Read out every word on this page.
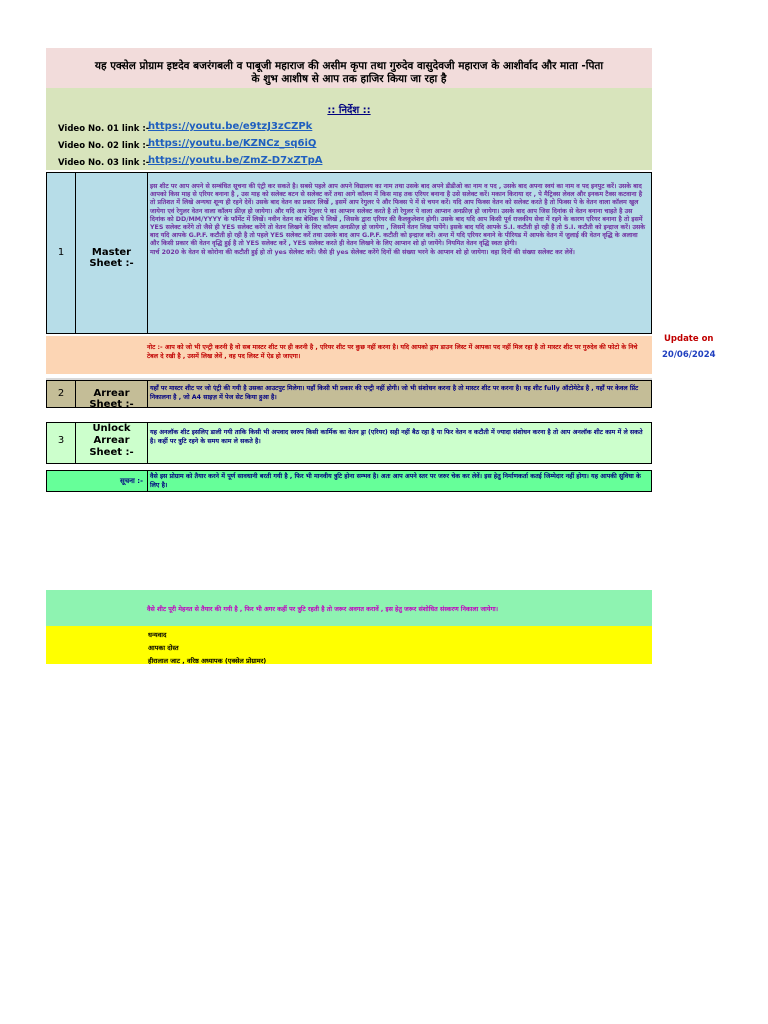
यह एक्सेल प्रोग्राम इष्टदेव बजरंगबली व पाबूजी महाराज की असीम कृपा तथा गुरुदेव वासुदेवजी महाराज के आशीर्वाद और माता -पिता
के शुभ आशीष से आप तक हाजिर किया जा रहा है
:: निर्देश ::
Video No. 01 link :-
https://youtu.be/e9tzJ3zCZPk
Video No. 02 link :-
https://youtu.be/KZNCz_sq6iQ
Video No. 03 link :-
https://youtu.be/ZmZ-D7xZTpA
1	Master Sheet :-
इस शीट पर आप अपने से सम्बंधित सूचना की एंट्री कर सकते है। सबसे पहले आप अपने विद्यालय का नाम तथा उसके बाद अपने डीडीओ का नाम व पद , उसके बाद अपना स्वयं का नाम व पद इनपुट करें। उसके बाद आपको किस माह से एरियर बनाना है , उस माह को सलेक्ट बटन से सलेक्ट करें तथा आगे कॉलम में किस माह तक एरियर बनाना है उसे सलेक्ट करें। मकान किराया दर , पे मैट्रिक्स लेवल और इनकम टैक्स कटवाना है तो प्रतिशत में लिखे अन्यथा शून्य ही रहने देवें। उसके बाद वेतन का प्रकार लिखें , इसमें आप रेगुलर पे और फिक्स पे में से चयन करें। यदि आप फिक्स वेतन को सलेक्ट करते है तो फिक्स पे के वेतन वाला कॉलम खुल जायेगा एवं रेगुलर वेतन वाला कॉलम फ्रीज़ हो जायेगा। और यदि आप रेगुलर पे का आप्शन सलेक्ट करते है तो रेगुलर पे वाला आप्शन अनफ्रीज़ हो जायेगा। उसके बाद आप जिस दिनांक से वेतन बनाना चाहते है उस दिनांक को DD/MM/YYYY के फॉर्मेट में लिखें। नवीन वेतन का बेसिक पे लिखें , जिसके द्वारा एरियर की कैलकुलेशन होगी। उसके बाद यदि आप किसी पूर्व राजकीय सेवा में रहने के कारण एरियर बनाना है तो इसमें YES सलेक्ट करेंगे तो जैसे ही YES सलेक्ट करेंगे तो वेतन लिखने के लिए कॉलम अनफ्रीज़ हो जायेगा , जिसमें वेतन लिख पायेंगे। इसके बाद यदि आपके S.I. कटौती हो रही है तो S.I. कटौती को इन्द्राज करें। उसके बाद यदि आपके G.P.F. कटौती हो रही है तो पहले YES सलेक्ट करें तथा उसके बाद आप G.P.F. कटौती को इन्द्राज करें। अन्त में यदि एरियर बनाने के पीरियड में आपके वेतन में जुलाई की वेतन वृद्धि के अलावा और किसी प्रकार की वेतन वृद्धि हुई है तो YES सलेक्ट करें , YES सलेक्ट करते ही वेतन लिखने के लिए आप्शन शो हो जायेंगे। नियमित वेतन वृद्धि स्वतः होगी।
मार्च 2020 के वेतन से कोरोना की कटौती हुई हो तो yes सेलेक्ट करें। जैसे ही yes सेलेक्ट करेंगे दिनों की संख्या भरने के आप्शन शो हो जायेगा। वहा दिनों की संख्या सलेक्ट कर लेवें।
नोट :- आप को जो भी एन्ट्री करनी है वो सब मास्टर शीट पर ही करनी है , एरियर शीट पर कुछ नहीं करना है। यदि आपको ड्राप डाउन लिस्ट में आपका पद नहीं मिल रहा है तो मास्टर शीट पर गुरुदेव की फोटो के निचे टेबल दे रखी है , उसमें लिख लेवें , वह पद लिस्ट में ऐड हो जाएगा।
Update on
20/06/2024
2	Arrear Sheet :-
यहाँ पर मास्टर शीट पर जो एंट्री की गयी है उसका आउटपुट मिलेगा। यहाँ किसी भी प्रकार की एन्ट्री नहीं होगी। जो भी संशोधन करना है तो मास्टर शीट पर करना है। यह शीट fully ऑटोमेटेड है , यहाँ पर केवल प्रिंट निकालना है , जो A4 साइज़ में पेज सेट किया हुआ है।
3
Unlock Arrear Sheet :-
यह अनलॉक शीट इसलिए डाली गयी ताकि किसी भी अपवाद स्वरुप किसी कार्मिक का वेतन ड्रा (एरियर) सही नहीं बैठ रहा है या फिर वेतन व कटौती में ज्यादा संशोधन करना है तो आप अनलॉक शीट काम में ले सकते है। कहीं पर त्रुटि रहने के समय काम ले सकते है।
सूचना :-
वैसे इस प्रोग्राम को तैयार करने में पूर्ण सावधानी बरती गयी है , फिर भी मानवीय त्रुटि होना सम्भव है। अतः आप अपने स्तर पर जरुर चेक कर लेवें। इस हेतु निर्माणकर्ता कतई जिम्मेदार नहीं होगा। यह आपकी सुविधा के लिए है।
वैसे शीट पूरी मेहनत से तैयार की गयी है , फिर भी अगर कहीं पर त्रुटि रहती है तो जरूर अवगत करावें , इस हेतु जरूर संशोधित संस्करण निकाला जायेगा।
धन्यवाद
आपका दोस्त
हीरालाल जाट , वरिष्ठ अध्यापक (एक्सेल प्रोग्रामर)
